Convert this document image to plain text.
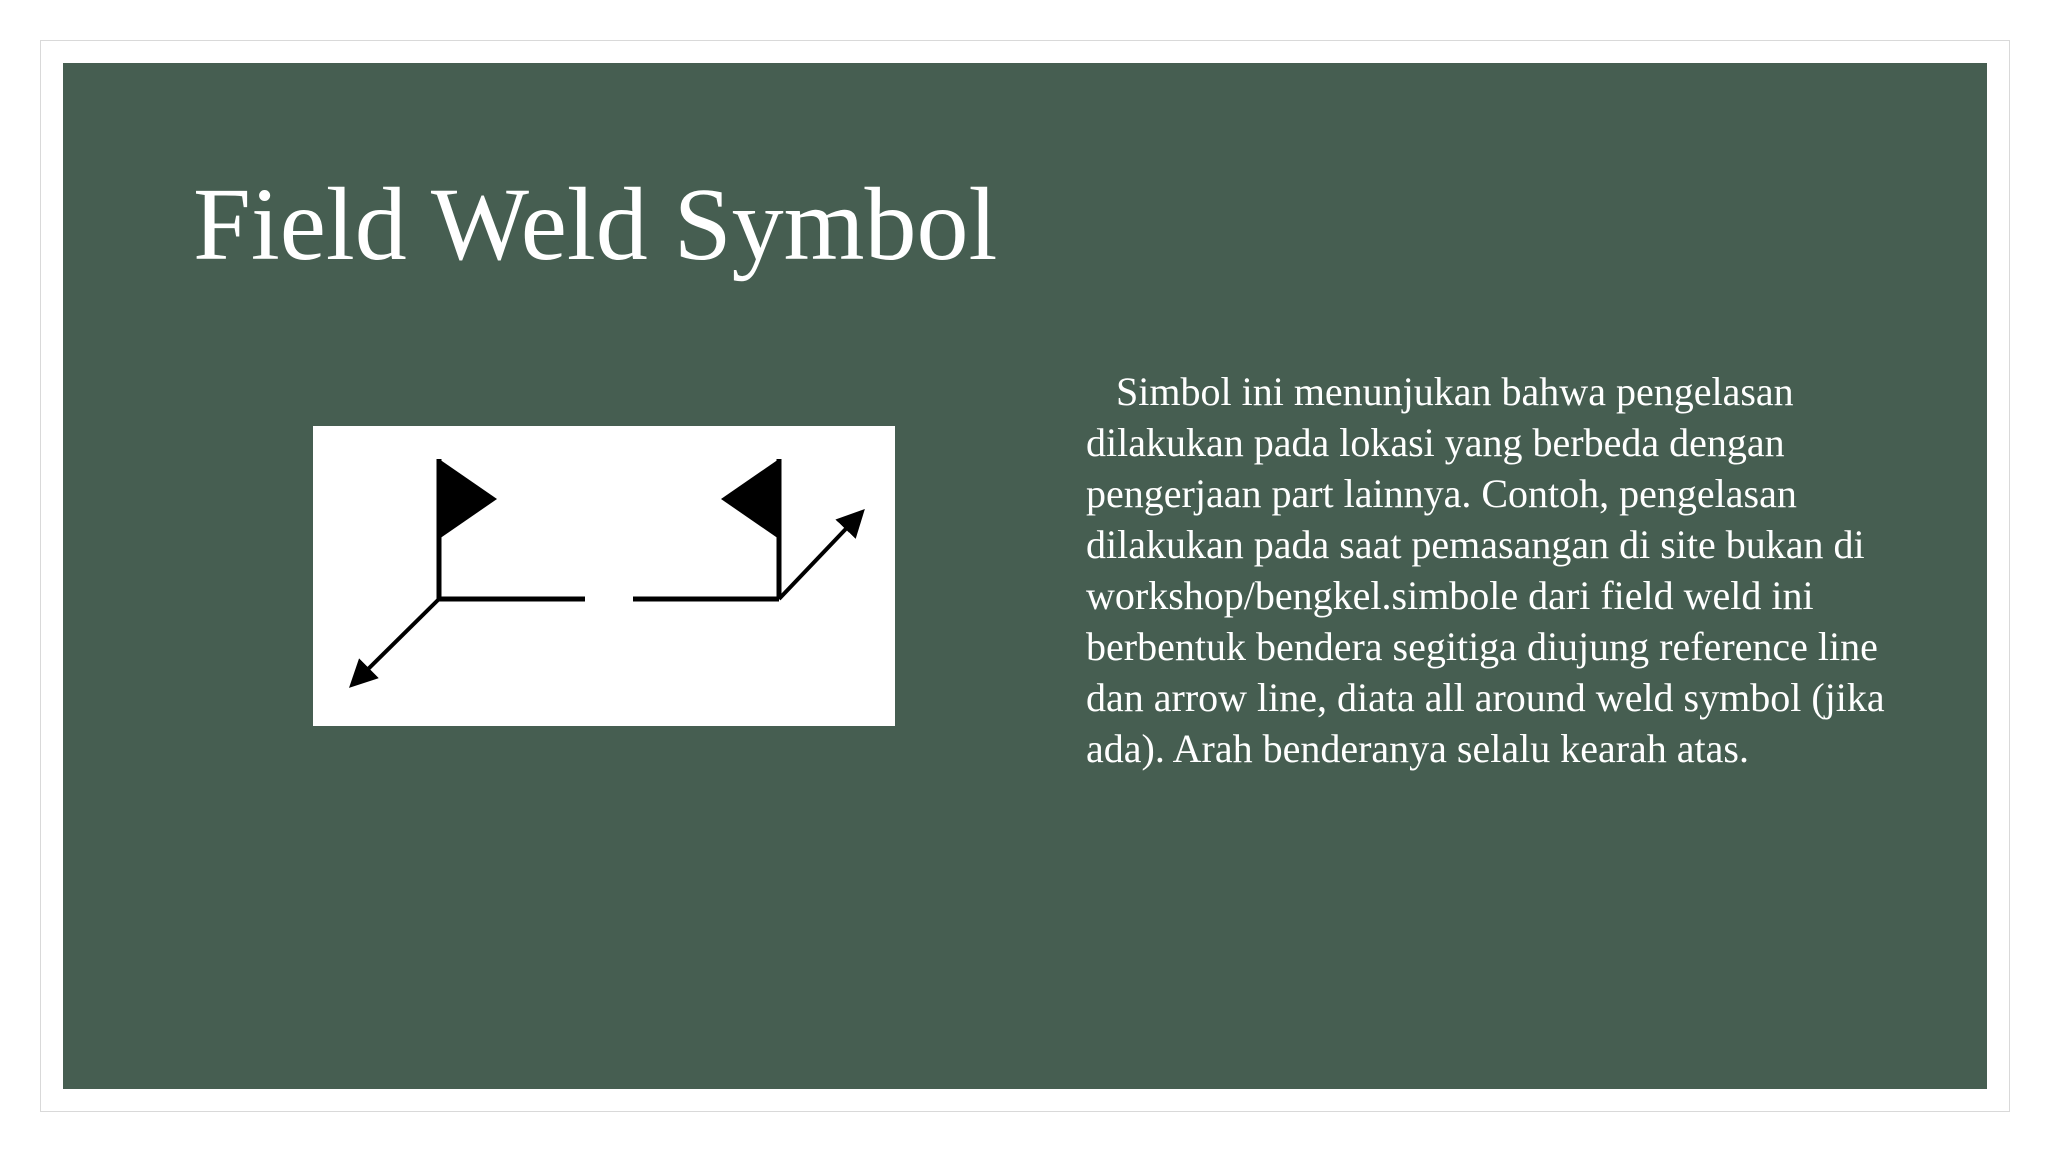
Field Weld Symbol

Simbol ini menunjukan bahwa pengelasan dilakukan pada lokasi yang berbeda dengan pengerjaan part lainnya. Contoh, pengelasan dilakukan pada saat pemasangan di site bukan di workshop/bengkel.simbole dari field weld ini berbentuk bendera segitiga diujung reference line dan arrow line, diata all around weld symbol (jika ada). Arah benderanya selalu kearah atas.
